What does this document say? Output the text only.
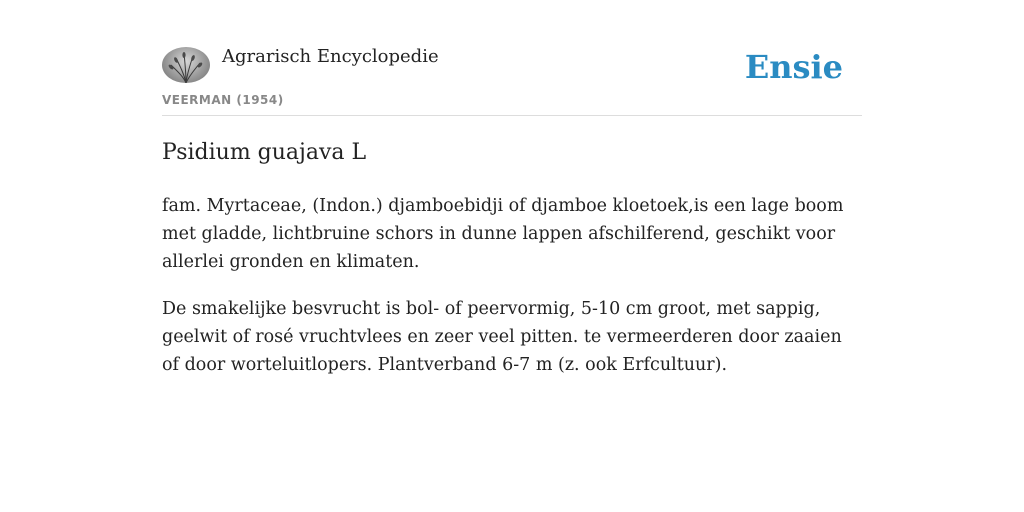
Agrarisch Encyclopedie
VEERMAN (1954)
Ensie
Psidium guajava L

fam. Myrtaceae, (Indon.) djamboebidji of djamboe kloetoek,is een lage boom met gladde, lichtbruine schors in dunne lappen afschilferend, geschikt voor allerlei gronden en klimaten.

De smakelijke besvrucht is bol- of peervormig, 5-10 cm groot, met sappig, geelwit of rosé vruchtvlees en zeer veel pitten. te vermeerderen door zaaien of door worteluitlopers. Plantverband 6-7 m (z. ook Erfcultuur).
